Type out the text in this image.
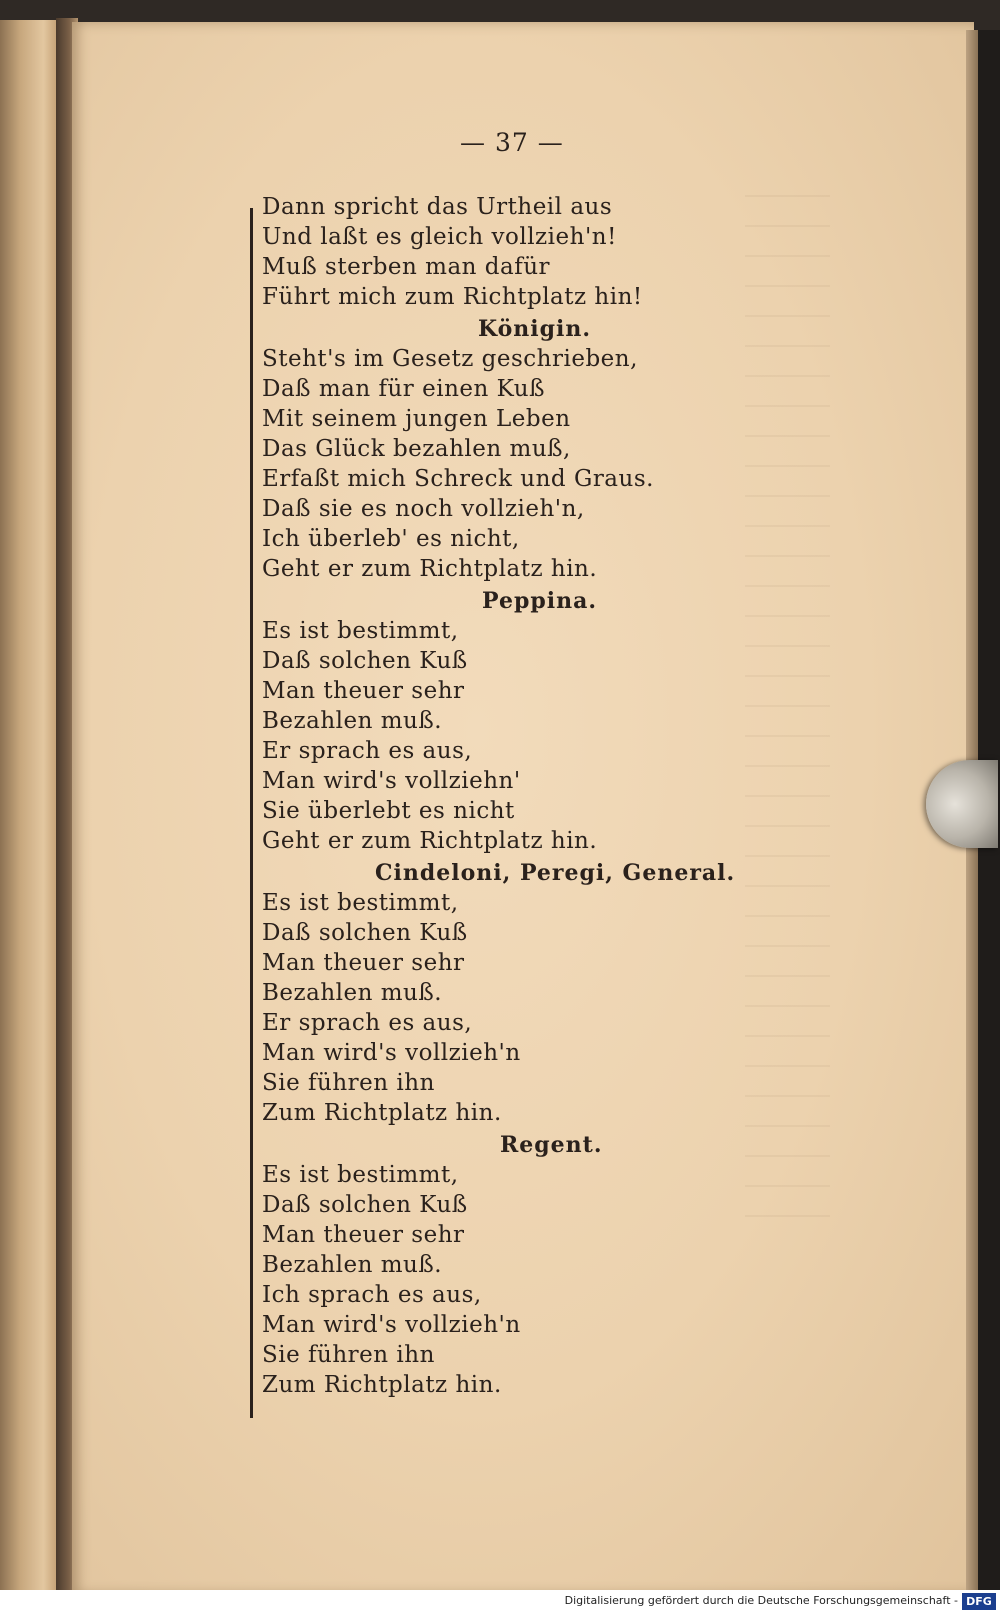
— 37 —
Dann spricht das Urtheil aus
Und laßt es gleich vollzieh'n!
Muß sterben man dafür
Führt mich zum Richtplatz hin!
Königin.
Steht's im Gesetz geschrieben,
Daß man für einen Kuß
Mit seinem jungen Leben
Das Glück bezahlen muß,
Erfaßt mich Schreck und Graus.
Daß sie es noch vollzieh'n,
Ich überleb' es nicht,
Geht er zum Richtplatz hin.
Peppina.
Es ist bestimmt,
Daß solchen Kuß
Man theuer sehr
Bezahlen muß.
Er sprach es aus,
Man wird's vollziehn'
Sie überlebt es nicht
Geht er zum Richtplatz hin.
Cindeloni, Peregi, General.
Es ist bestimmt,
Daß solchen Kuß
Man theuer sehr
Bezahlen muß.
Er sprach es aus,
Man wird's vollzieh'n
Sie führen ihn
Zum Richtplatz hin.
Regent.
Es ist bestimmt,
Daß solchen Kuß
Man theuer sehr
Bezahlen muß.
Ich sprach es aus,
Man wird's vollzieh'n
Sie führen ihn
Zum Richtplatz hin.
Digitalisierung gefördert durch die Deutsche Forschungsgemeinschaft - DFG
